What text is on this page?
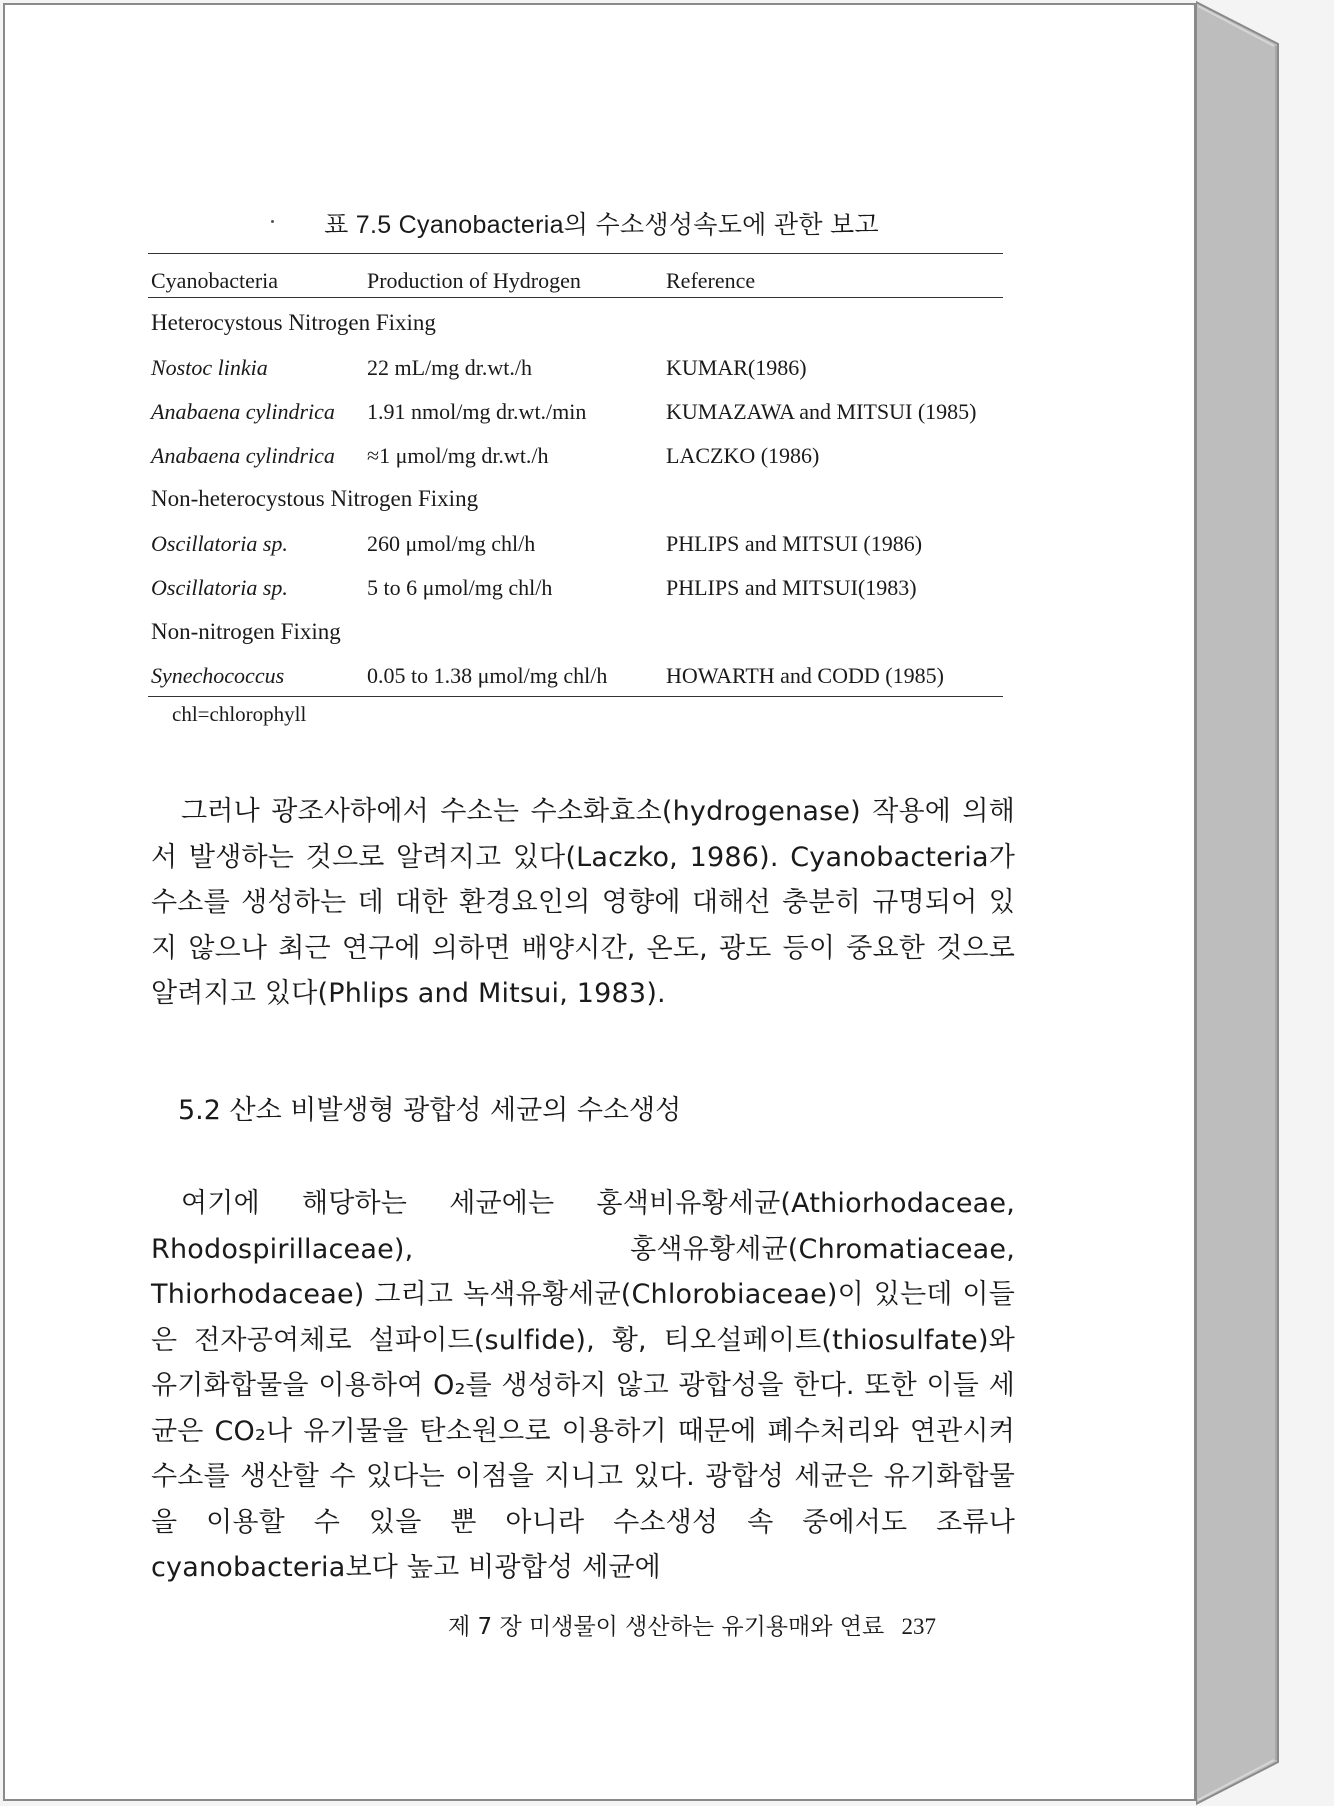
표 7.5 Cyanobacteria의 수소생성속도에 관한 보고
Cyanobacteria	Production of Hydrogen	Reference
Heterocystous Nitrogen Fixing
Nostoc linkia	22 mL/mg dr.wt./h	KUMAR(1986)
Anabaena cylindrica 1.91 nmol/mg dr.wt./min	KUMAZAWA and MITSUI (1985)
Anabaena cylindrica ≈1 μmol/mg dr.wt./h	LACZKO (1986)
Non-heterocystous Nitrogen Fixing
Oscillatoria sp.	260 μmol/mg chl/h	PHLIPS and MITSUI (1986)
Oscillatoria sp.	5 to 6 μmol/mg chl/h	PHLIPS and MITSUI(1983)
Non-nitrogen Fixing
Synechococcus	0.05 to 1.38 μmol/mg chl/h	HOWARTH and CODD (1985)
chl=chlorophyll
그러나 광조사하에서 수소는 수소화효소(hydrogenase) 작용에 의해서 발생하는 것으로 알려지고 있다(Laczko, 1986). Cyanobacteria가 수소를 생성하는 데 대한 환경요인의 영향에 대해선 충분히 규명되어 있지 않으나 최근 연구에 의하면 배양시간, 온도, 광도 등이 중요한 것으로 알려지고 있다(Phlips and Mitsui, 1983).
5.2 산소 비발생형 광합성 세균의 수소생성
여기에 해당하는 세균에는 홍색비유황세균(Athiorhodaceae, Rhodospirillaceae), 홍색유황세균(Chromatiaceae, Thiorhodaceae) 그리고 녹색유황세균(Chlorobiaceae)이 있는데 이들은 전자공여체로 설파이드(sulfide), 황, 티오설페이트(thiosulfate)와 유기화합물을 이용하여 O₂를 생성하지 않고 광합성을 한다. 또한 이들 세균은 CO₂나 유기물을 탄소원으로 이용하기 때문에 폐수처리와 연관시켜 수소를 생산할 수 있다는 이점을 지니고 있다. 광합성 세균은 유기화합물을 이용할 수 있을 뿐 아니라 수소생성 속 중에서도 조류나 cyanobacteria보다 높고 비광합성 세균에
제 7 장 미생물이 생산하는 유기용매와 연료 237
